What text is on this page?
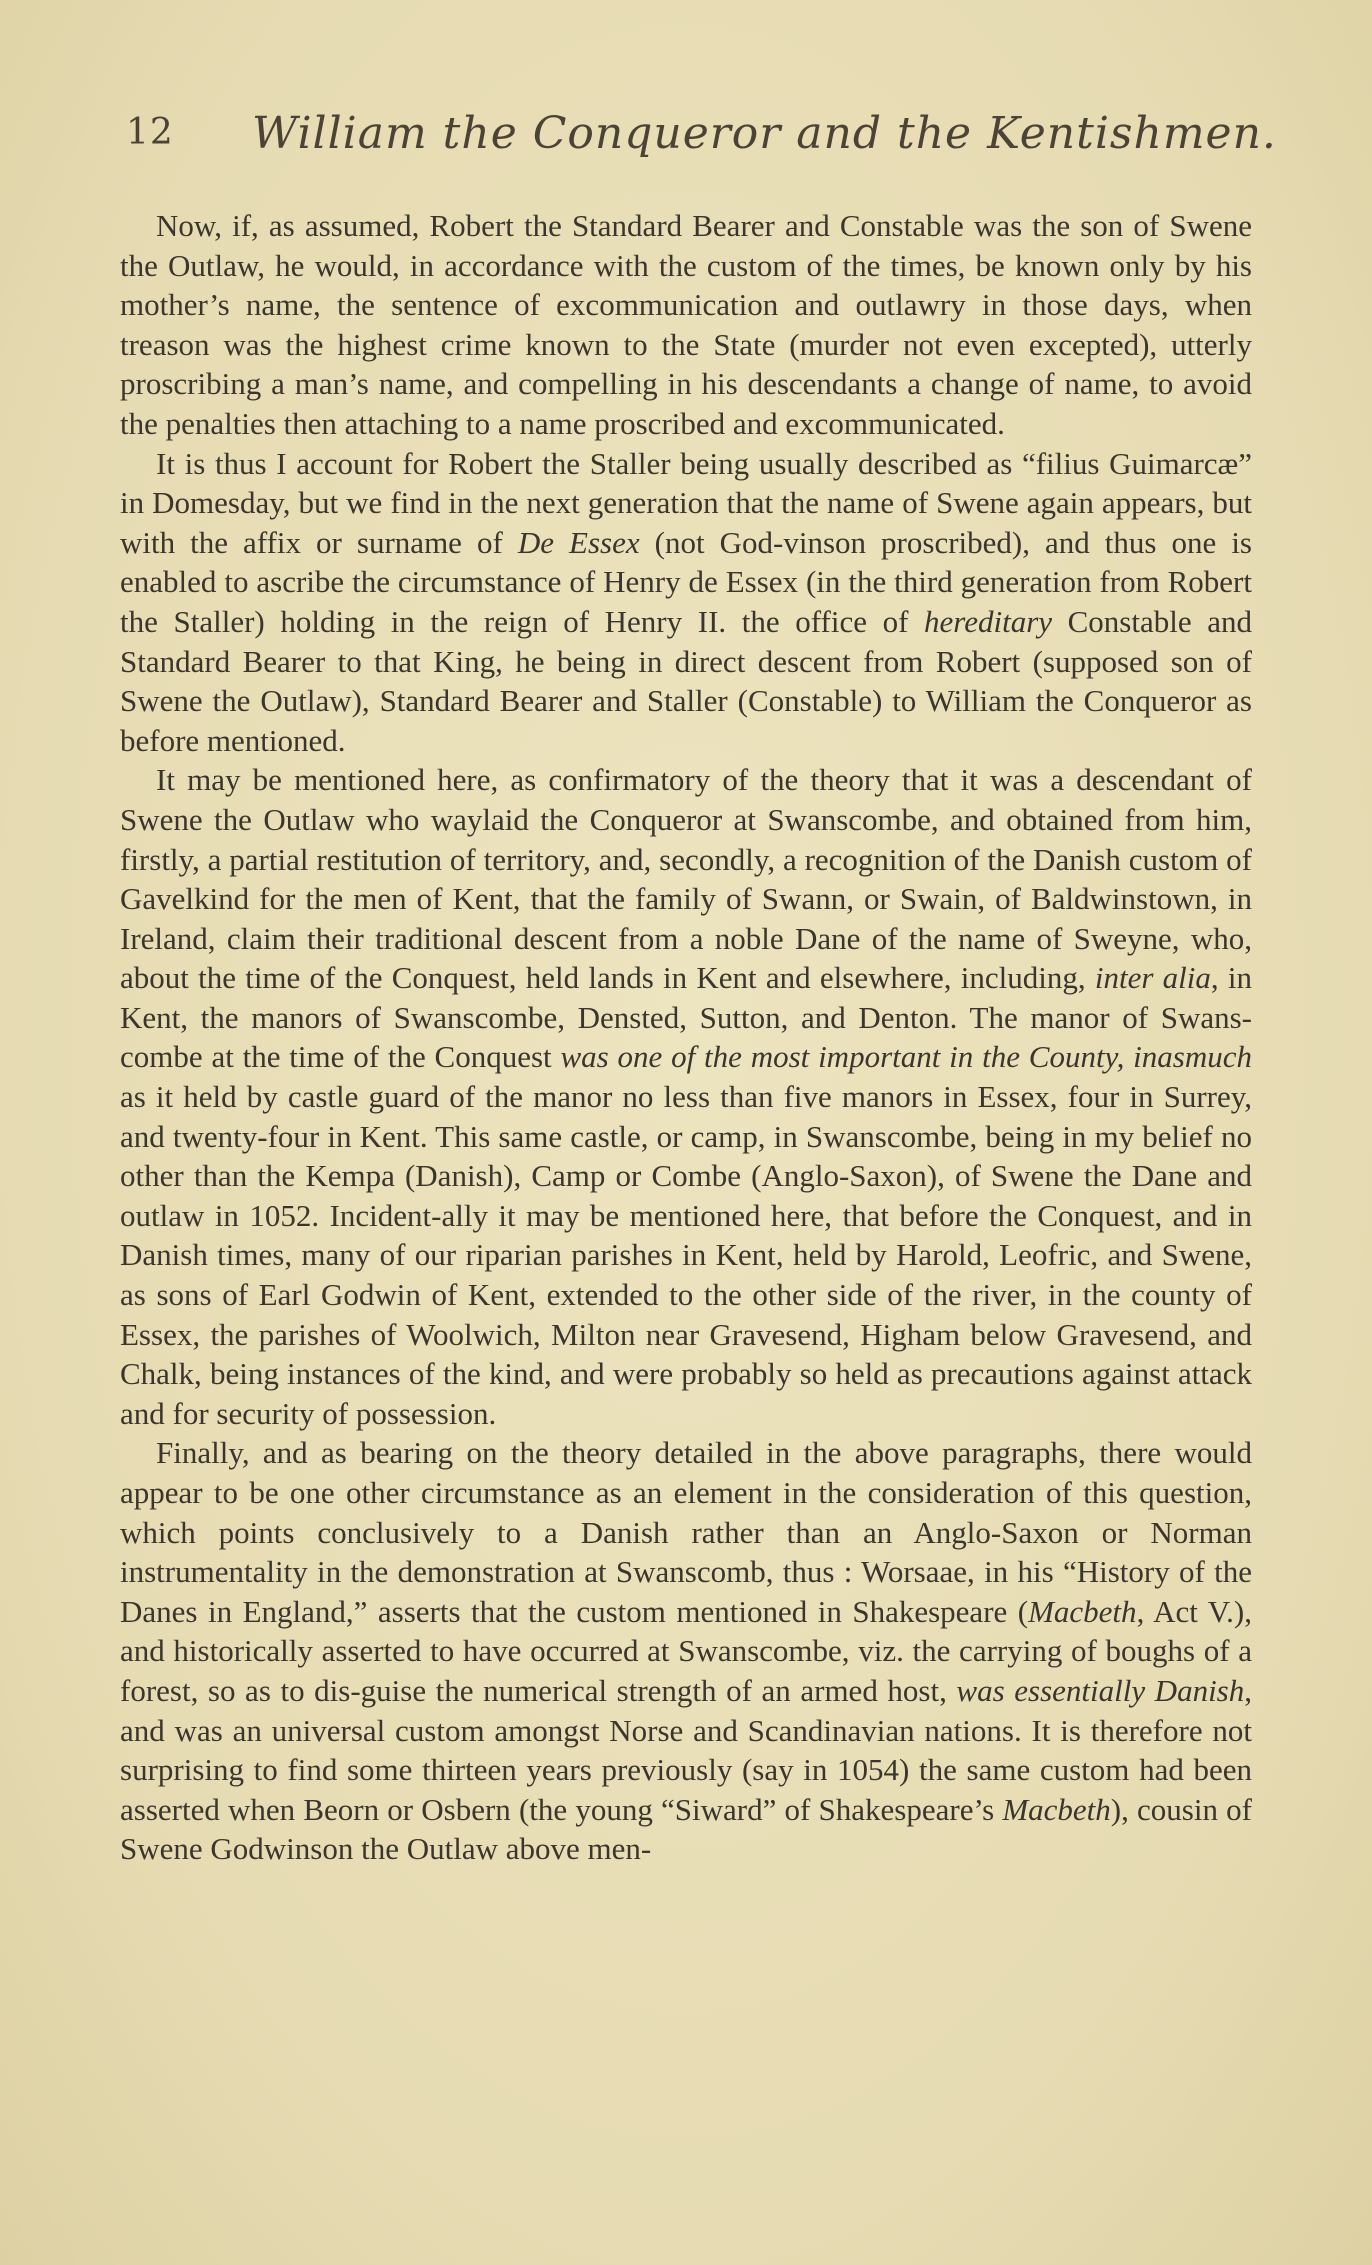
12 William the Conqueror and the Kentishmen.

Now, if, as assumed, Robert the Standard Bearer and Constable was the son of Swene the Outlaw, he would, in accordance with the custom of the times, be known only by his mother’s name, the sentence of excommunication and outlawry in those days, when treason was the highest crime known to the State (murder not even excepted), utterly proscribing a man’s name, and compelling in his descendants a change of name, to avoid the penalties then attaching to a name proscribed and excommunicated.

It is thus I account for Robert the Staller being usually described as “filius Guimarcæ” in Domesday, but we find in the next generation that the name of Swene again appears, but with the affix or surname of De Essex (not God-vinson proscribed), and thus one is enabled to ascribe the circumstance of Henry de Essex (in the third generation from Robert the Staller) holding in the reign of Henry II. the office of hereditary Constable and Standard Bearer to that King, he being in direct descent from Robert (supposed son of Swene the Outlaw), Standard Bearer and Staller (Constable) to William the Conqueror as before mentioned.

It may be mentioned here, as confirmatory of the theory that it was a descendant of Swene the Outlaw who waylaid the Conqueror at Swanscombe, and obtained from him, firstly, a partial restitution of territory, and, secondly, a recognition of the Danish custom of Gavelkind for the men of Kent, that the family of Swann, or Swain, of Baldwinstown, in Ireland, claim their traditional descent from a noble Dane of the name of Sweyne, who, about the time of the Conquest, held lands in Kent and elsewhere, including, inter alia, in Kent, the manors of Swanscombe, Densted, Sutton, and Denton. The manor of Swans-combe at the time of the Conquest was one of the most important in the County, inasmuch as it held by castle guard of the manor no less than five manors in Essex, four in Surrey, and twenty-four in Kent. This same castle, or camp, in Swanscombe, being in my belief no other than the Kempa (Danish), Camp or Combe (Anglo-Saxon), of Swene the Dane and outlaw in 1052. Incident-ally it may be mentioned here, that before the Conquest, and in Danish times, many of our riparian parishes in Kent, held by Harold, Leofric, and Swene, as sons of Earl Godwin of Kent, extended to the other side of the river, in the county of Essex, the parishes of Woolwich, Milton near Gravesend, Higham below Gravesend, and Chalk, being instances of the kind, and were probably so held as precautions against attack and for security of possession.

Finally, and as bearing on the theory detailed in the above paragraphs, there would appear to be one other circumstance as an element in the consideration of this question, which points conclusively to a Danish rather than an Anglo-Saxon or Norman instrumentality in the demonstration at Swanscomb, thus : Worsaae, in his “History of the Danes in England,” asserts that the custom mentioned in Shakespeare (Macbeth, Act V.), and historically asserted to have occurred at Swanscombe, viz. the carrying of boughs of a forest, so as to dis-guise the numerical strength of an armed host, was essentially Danish, and was an universal custom amongst Norse and Scandinavian nations. It is therefore not surprising to find some thirteen years previously (say in 1054) the same custom had been asserted when Beorn or Osbern (the young “Siward” of Shakespeare’s Macbeth), cousin of Swene Godwinson the Outlaw above men-
